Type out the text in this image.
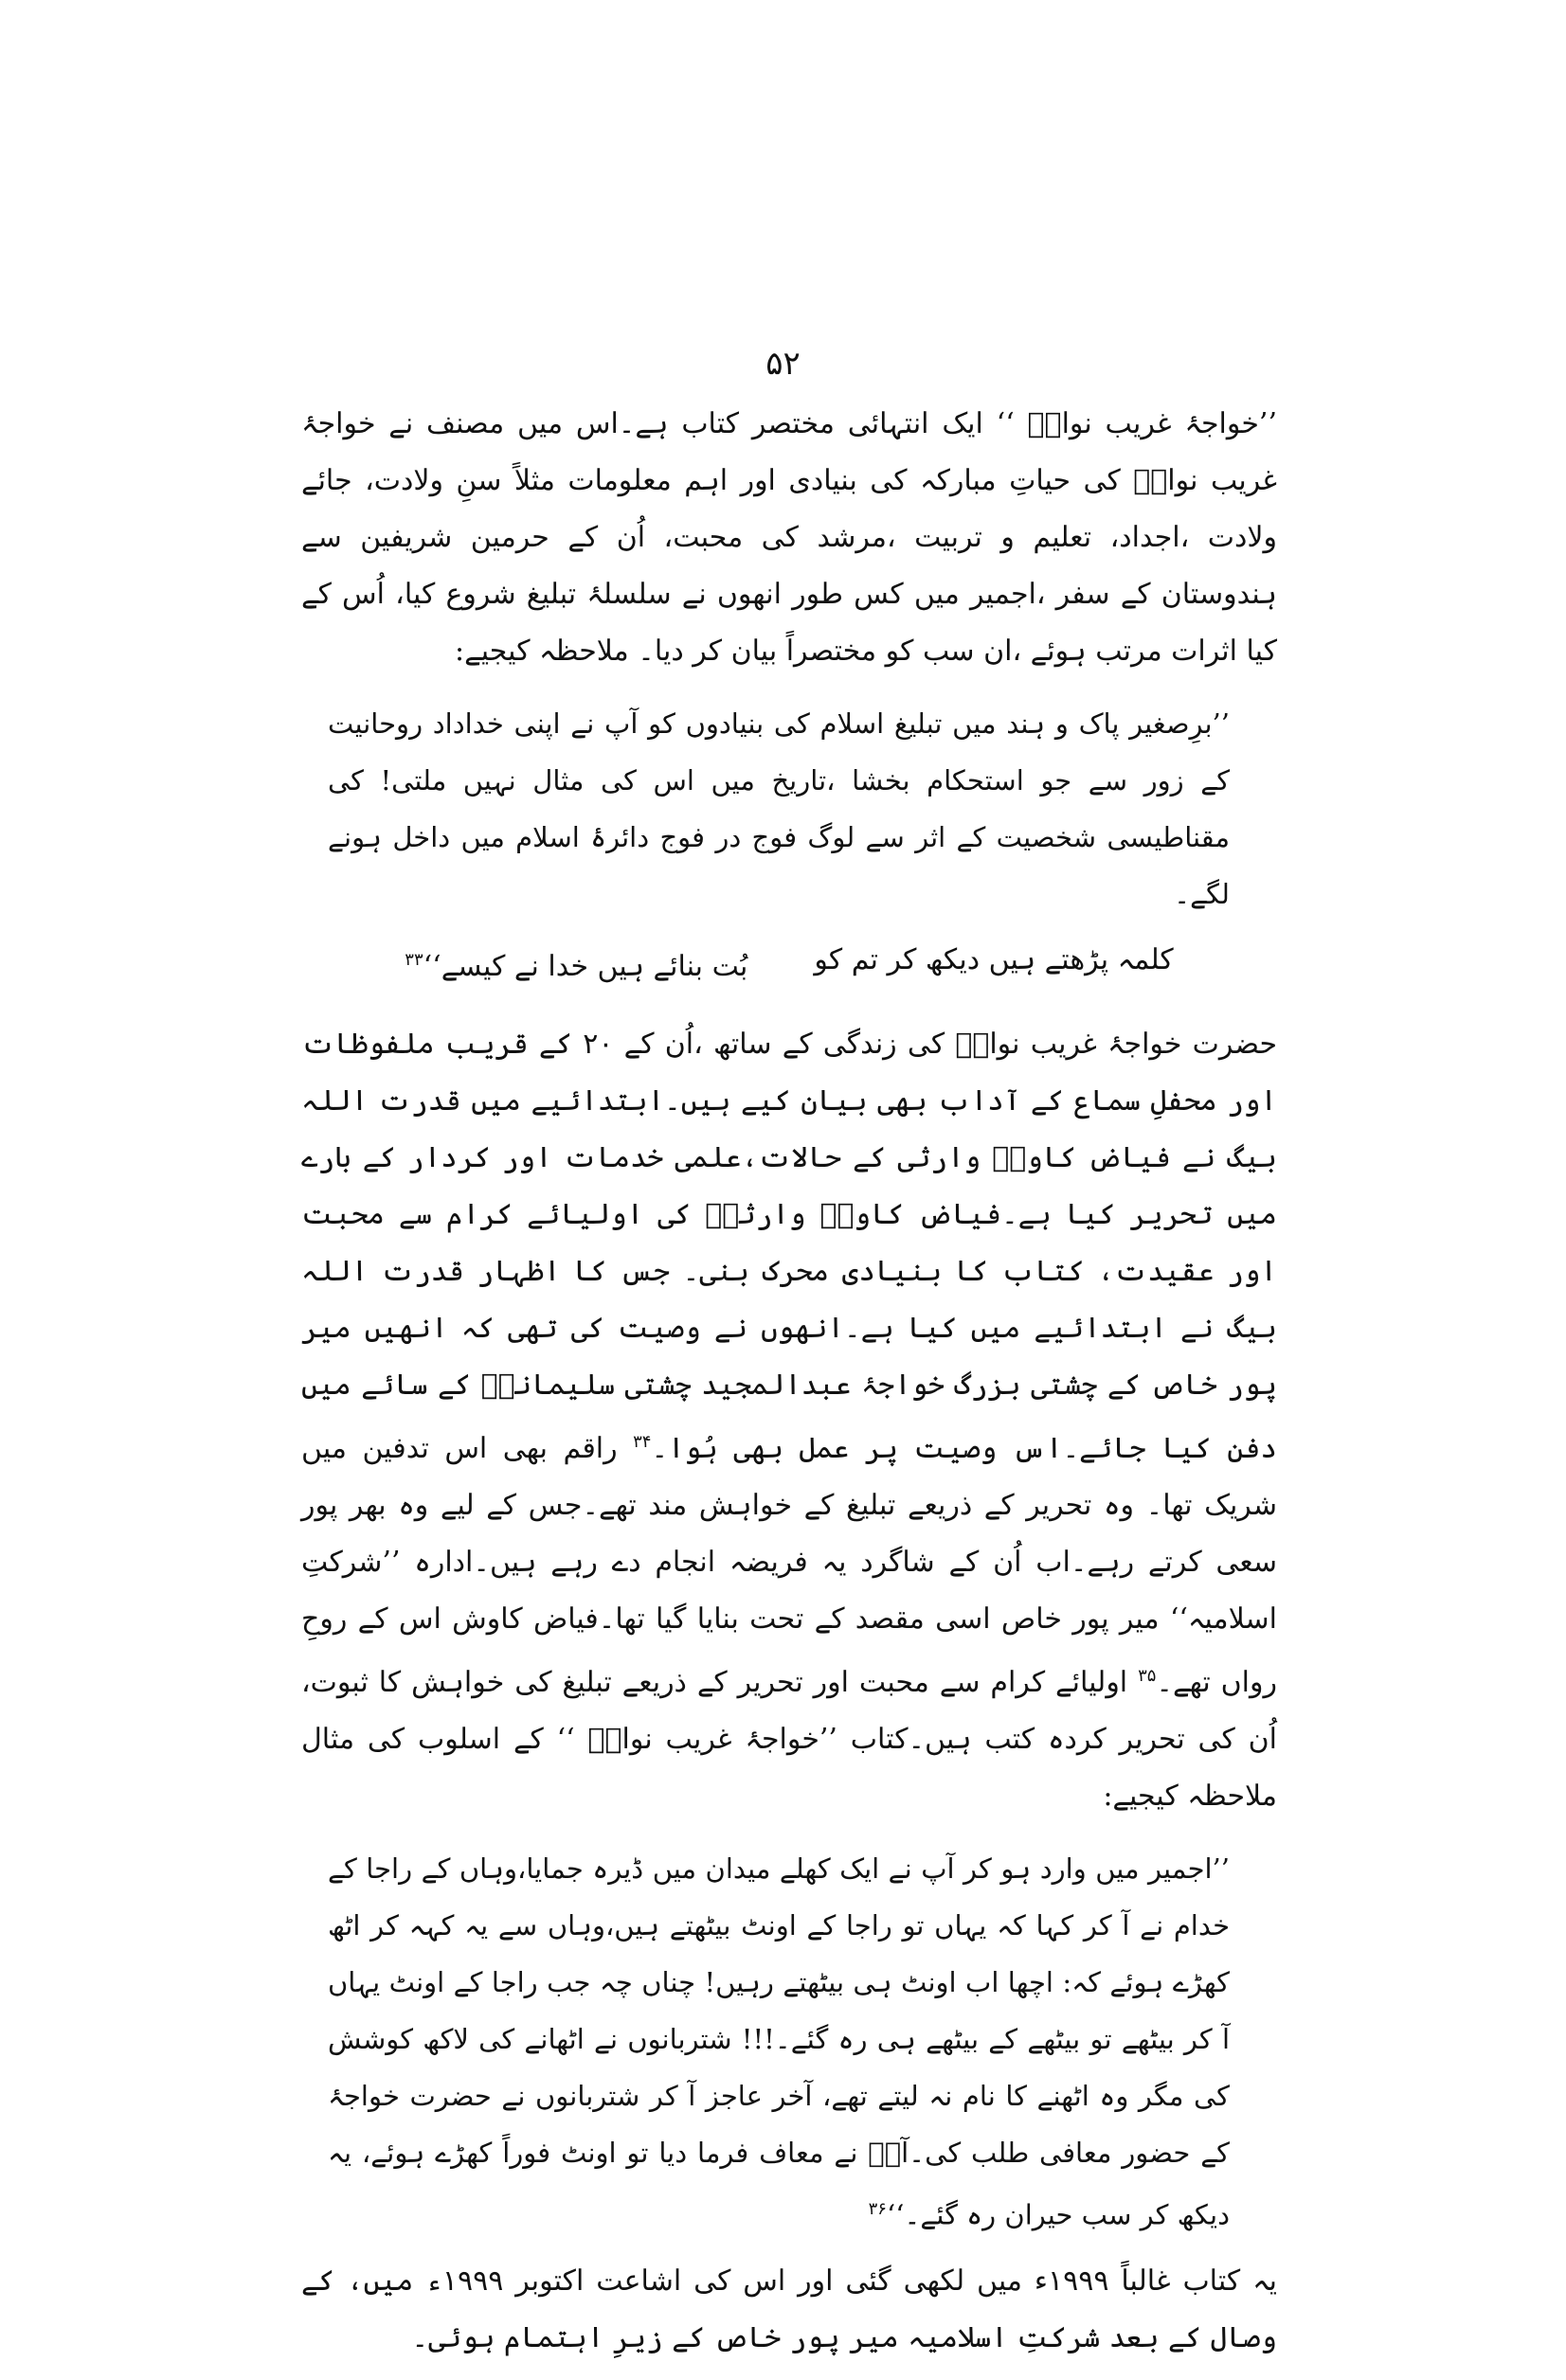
۵۲

’’خواجۂ غریب نوازؒ ‘‘ ایک انتہائی مختصر کتاب ہے۔اس میں مصنف نے خواجۂ غریب نوازؒ کی حیاتِ مبارکہ کی بنیادی اور اہم معلومات مثلاً سنِ ولادت، جائے ولادت ،اجداد، تعلیم و تربیت ،مرشد کی محبت، اُن کے حرمین شریفین سے ہندوستان کے سفر ،اجمیر میں کس طور انھوں نے سلسلۂ تبلیغ شروع کیا، اُس کے کیا اثرات مرتب ہوئے ،ان سب کو مختصراً بیان کر دیا۔ ملاحظہ کیجیے:

’’برِصغیر پاک و ہند میں تبلیغ اسلام کی بنیادوں کو آپ نے اپنی خداداد روحانیت کے زور سے جو استحکام بخشا ،تاریخ میں اس کی مثال نہیں ملتی! کی مقناطیسی شخصیت کے اثر سے لوگ فوج در فوج دائرۂ اسلام میں داخل ہونے لگے۔

کلمہ پڑھتے ہیں دیکھ کر تم کو
بُت بنائے ہیں خدا نے کیسے‘‘$^{۳۳}$

حضرت خواجۂ غریب نوازؒ کی زندگی کے ساتھ ،اُن کے ۲۰ کے قریب ملفوظات اور محفلِ سماع کے آداب بھی بیان کیے ہیں۔ابتدائیے میں قدرت اللہ بیگ نے فیاض کاوشؔ وارثی کے حالات،علمی خدمات اور کردار کے بارے میں تحریر کیا ہے۔فیاض کاوشؔ وارثیؒ کی اولیائے کرام سے محبت اور عقیدت، کتاب کا بنیادی محرک بنی۔ جس کا اظہار قدرت اللہ بیگ نے ابتدائیے میں کیا ہے۔انھوں نے وصیت کی تھی کہ انھیں میر پور خاص کے چشتی بزرگ خواجۂ عبدالمجید چشتی سلیمانیؒ کے سائے میں دفن کیا جائے۔اس وصیت پر عمل بھی ہُوا۔$^{۳۴}$ راقم بھی اس تدفین میں شریک تھا۔ وہ تحریر کے ذریعے تبلیغ کے خواہش مند تھے۔جس کے لیے وہ بھر پور سعی کرتے رہے۔اب اُن کے شاگرد یہ فریضہ انجام دے رہے ہیں۔ادارہ ’’شرکتِ اسلامیہ‘‘ میر پور خاص اسی مقصد کے تحت بنایا گیا تھا۔فیاض کاوش اس کے روحِ رواں تھے۔$^{۳۵}$ اولیائے کرام سے محبت اور تحریر کے ذریعے تبلیغ کی خواہش کا ثبوت، اُن کی تحریر کردہ کتب ہیں۔کتاب ’’خواجۂ غریب نوازؒ ‘‘ کے اسلوب کی مثال ملاحظہ کیجیے:

’’اجمیر میں وارد ہو کر آپ نے ایک کھلے میدان میں ڈیرہ جمایا،وہاں کے راجا کے خدام نے آ کر کہا کہ یہاں تو راجا کے اونٹ بیٹھتے ہیں،وہاں سے یہ کہہ کر اٹھ کھڑے ہوئے کہ: اچھا اب اونٹ ہی بیٹھتے رہیں! چناں چہ جب راجا کے اونٹ یہاں آ کر بیٹھے تو بیٹھے کے بیٹھے ہی رہ گئے۔!!! شتربانوں نے اٹھانے کی لاکھ کوشش کی مگر وہ اٹھنے کا نام نہ لیتے تھے، آخر عاجز آ کر شتربانوں نے حضرت خواجۂ کے حضور معافی طلب کی۔آپؒ نے معاف فرما دیا تو اونٹ فوراً کھڑے ہوئے، یہ دیکھ کر سب حیران رہ گئے۔‘‘$^{۳۶}$

یہ کتاب غالباً ۱۹۹۹ء میں لکھی گئی اور اس کی اشاعت اکتوبر ۱۹۹۹ء میں، کے وصال کے بعد شرکتِ اسلامیہ میر پور خاص کے زیرِ اہتمام ہوئی۔
